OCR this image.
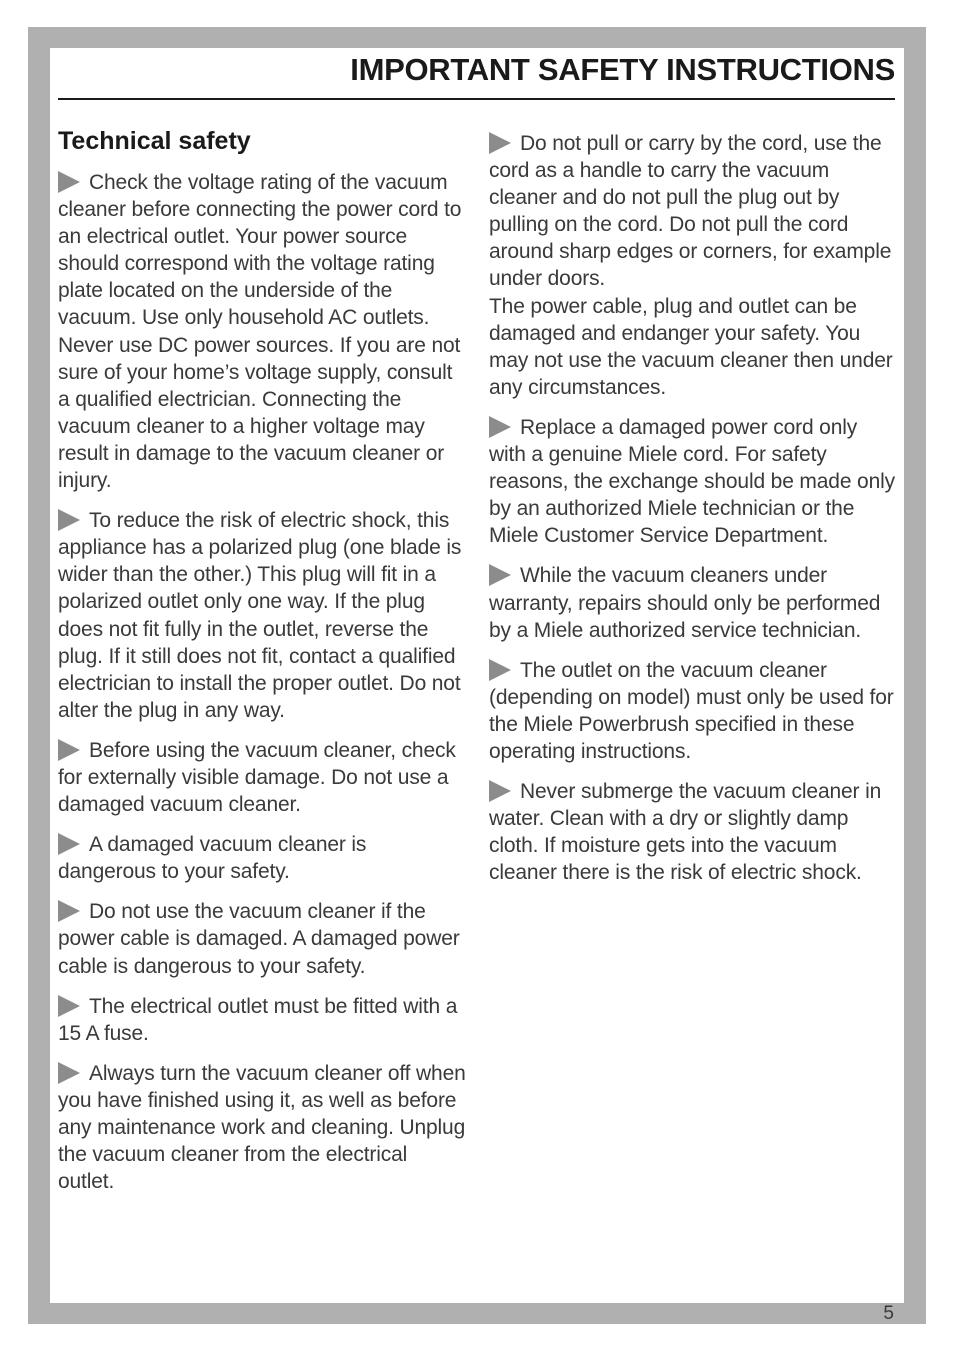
IMPORTANT SAFETY INSTRUCTIONS
Technical safety

Check the voltage rating of the vacuum cleaner before connecting the power cord to an electrical outlet. Your power source should correspond with the voltage rating plate located on the underside of the vacuum. Use only household AC outlets. Never use DC power sources. If you are not sure of your home’s voltage supply, consult a qualified electrician. Connecting the vacuum cleaner to a higher voltage may result in damage to the vacuum cleaner or injury.

To reduce the risk of electric shock, this appliance has a polarized plug (one blade is wider than the other.) This plug will fit in a polarized outlet only one way. If the plug does not fit fully in the outlet, reverse the plug. If it still does not fit, contact a qualified electrician to install the proper outlet. Do not alter the plug in any way.

Before using the vacuum cleaner, check for externally visible damage. Do not use a damaged vacuum cleaner.

A damaged vacuum cleaner is dangerous to your safety.

Do not use the vacuum cleaner if the power cable is damaged. A damaged power cable is dangerous to your safety.

The electrical outlet must be fitted with a 15 A fuse.

Always turn the vacuum cleaner off when you have finished using it, as well as before any maintenance work and cleaning. Unplug the vacuum cleaner from the electrical outlet.

Do not pull or carry by the cord, use the cord as a handle to carry the vacuum cleaner and do not pull the plug out by pulling on the cord. Do not pull the cord around sharp edges or corners, for example under doors.

The power cable, plug and outlet can be damaged and endanger your safety. You may not use the vacuum cleaner then under any circumstances.

Replace a damaged power cord only with a genuine Miele cord. For safety reasons, the exchange should be made only by an authorized Miele technician or the Miele Customer Service Department.

While the vacuum cleaners under warranty, repairs should only be performed by a Miele authorized service technician.

The outlet on the vacuum cleaner (depending on model) must only be used for the Miele Powerbrush specified in these operating instructions.

Never submerge the vacuum cleaner in water. Clean with a dry or slightly damp cloth. If moisture gets into the vacuum cleaner there is the risk of electric shock.

5
